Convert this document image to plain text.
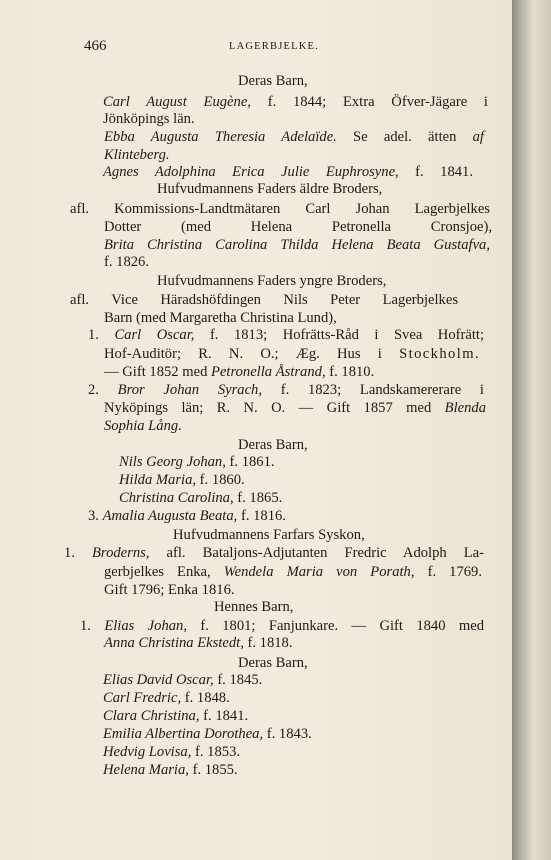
466	LAGERBJELKE.
Deras Barn,
Carl August Eugène, f. 1844; Extra Öfver-Jägare i
Jönköpings län.
Ebba Augusta Theresia Adelaïde. Se adel. ätten af
Klinteberg.
Agnes Adolphina Erica Julie Euphrosyne, f. 1841.
Hufvudmannens Faders äldre Broders,
afl. Kommissions-Landtmätaren Carl Johan Lagerbjelkes
Dotter (med Helena Petronella Cronsjoe),
Brita Christina Carolina Thilda Helena Beata Gustafva,
f. 1826.
Hufvudmannens Faders yngre Broders,
afl. Vice Häradshöfdingen Nils Peter Lagerbjelkes
Barn (med Margaretha Christina Lund),
1. Carl Oscar, f. 1813; Hofrätts-Råd i Svea Hofrätt;
Hof-Auditör; R. N. O.; Æg. Hus i Stockholm.
— Gift 1852 med Petronella Åstrand, f. 1810.
2. Bror Johan Syrach, f. 1823; Landskamererare i
Nyköpings län; R. N. O. — Gift 1857 med Blenda
Sophia Lång.
Deras Barn,
Nils Georg Johan, f. 1861.
Hilda Maria, f. 1860.
Christina Carolina, f. 1865.
3. Amalia Augusta Beata, f. 1816.
Hufvudmannens Farfars Syskon,
1. Broderns, afl. Bataljons-Adjutanten Fredric Adolph La-
gerbjelkes Enka, Wendela Maria von Porath, f. 1769.
Gift 1796; Enka 1816.
Hennes Barn,
1. Elias Johan, f. 1801; Fanjunkare. — Gift 1840 med
Anna Christina Ekstedt, f. 1818.
Deras Barn,
Elias David Oscar, f. 1845.
Carl Fredric, f. 1848.
Clara Christina, f. 1841.
Emilia Albertina Dorothea, f. 1843.
Hedvig Lovisa, f. 1853.
Helena Maria, f. 1855.
